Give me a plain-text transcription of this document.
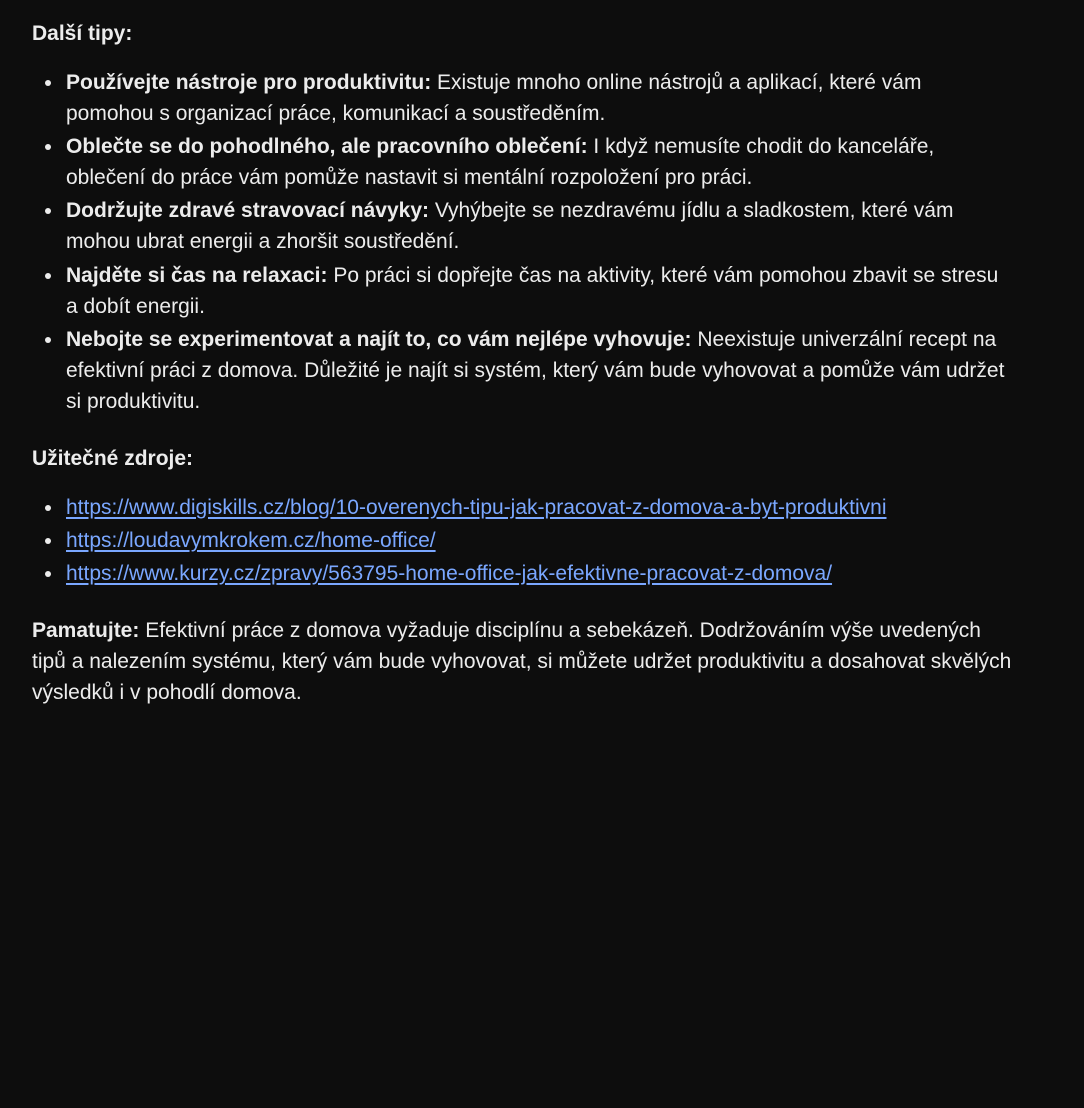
Další tipy:
Používejte nástroje pro produktivitu: Existuje mnoho online nástrojů a aplikací, které vám pomohou s organizací práce, komunikací a soustředěním.
Oblečte se do pohodlného, ale pracovního oblečení: I když nemusíte chodit do kanceláře, oblečení do práce vám pomůže nastavit si mentální rozpoložení pro práci.
Dodržujte zdravé stravovací návyky: Vyhýbejte se nezdravému jídlu a sladkostem, které vám mohou ubrat energii a zhoršit soustředění.
Najděte si čas na relaxaci: Po práci si dopřejte čas na aktivity, které vám pomohou zbavit se stresu a dobít energii.
Nebojte se experimentovat a najít to, co vám nejlépe vyhovuje: Neexistuje univerzální recept na efektivní práci z domova. Důležité je najít si systém, který vám bude vyhovovat a pomůže vám udržet si produktivitu.
Užitečné zdroje:
https://www.digiskills.cz/blog/10-overenych-tipu-jak-pracovat-z-domova-a-byt-produktivni
https://loudavymkrokem.cz/home-office/
https://www.kurzy.cz/zpravy/563795-home-office-jak-efektivne-pracovat-z-domova/

Pamatujte: Efektivní práce z domova vyžaduje disciplínu a sebekázeň. Dodržováním výše uvedených tipů a nalezením systému, který vám bude vyhovovat, si můžete udržet produktivitu a dosahovat skvělých výsledků i v pohodlí domova.
